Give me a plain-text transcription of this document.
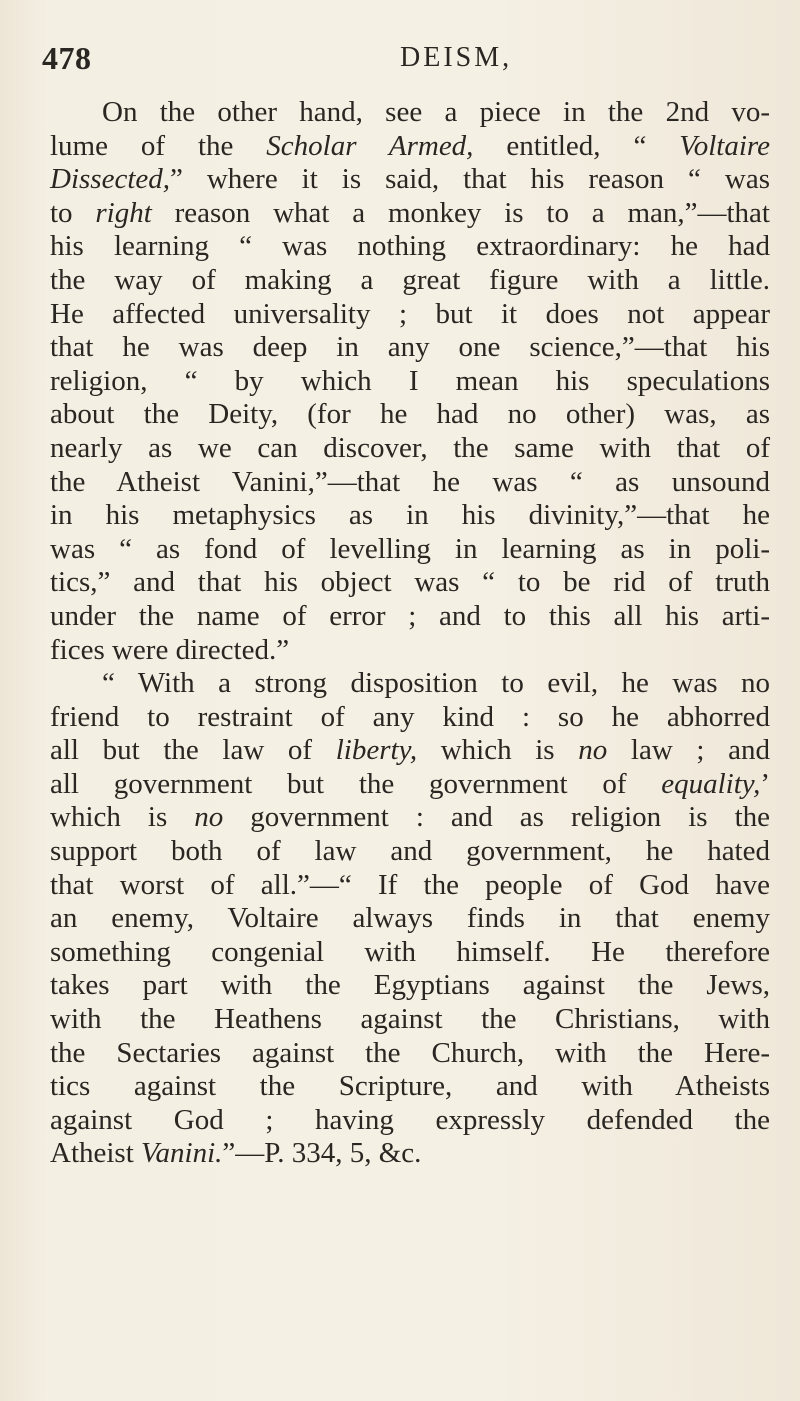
478	DEISM,
On the other hand, see a piece in the 2nd vo-
lume of the Scholar Armed, entitled, “ Voltaire
Dissected,” where it is said, that his reason “ was
to right reason what a monkey is to a man,”—that
his learning “ was nothing extraordinary: he had
the way of making a great figure with a little.
He affected universality ; but it does not appear
that he was deep in any one science,”—that his
religion, “ by which I mean his speculations
about the Deity, (for he had no other) was, as
nearly as we can discover, the same with that of
the Atheist Vanini,”—that he was “ as unsound
in his metaphysics as in his divinity,”—that he
was “ as fond of levelling in learning as in poli-
tics,” and that his object was “ to be rid of truth
under the name of error ; and to this all his arti-
fices were directed.”
“ With a strong disposition to evil, he was no
friend to restraint of any kind : so he abhorred
all but the law of liberty, which is no law ; and
all government but the government of equality,’
which is no government : and as religion is the
support both of law and government, he hated
that worst of all.”—“ If the people of God have
an enemy, Voltaire always finds in that enemy
something congenial with himself. He therefore
takes part with the Egyptians against the Jews,
with the Heathens against the Christians, with
the Sectaries against the Church, with the Here-
tics against the Scripture, and with Atheists
against God ; having expressly defended the
Atheist Vanini.”—P. 334, 5, &c.
